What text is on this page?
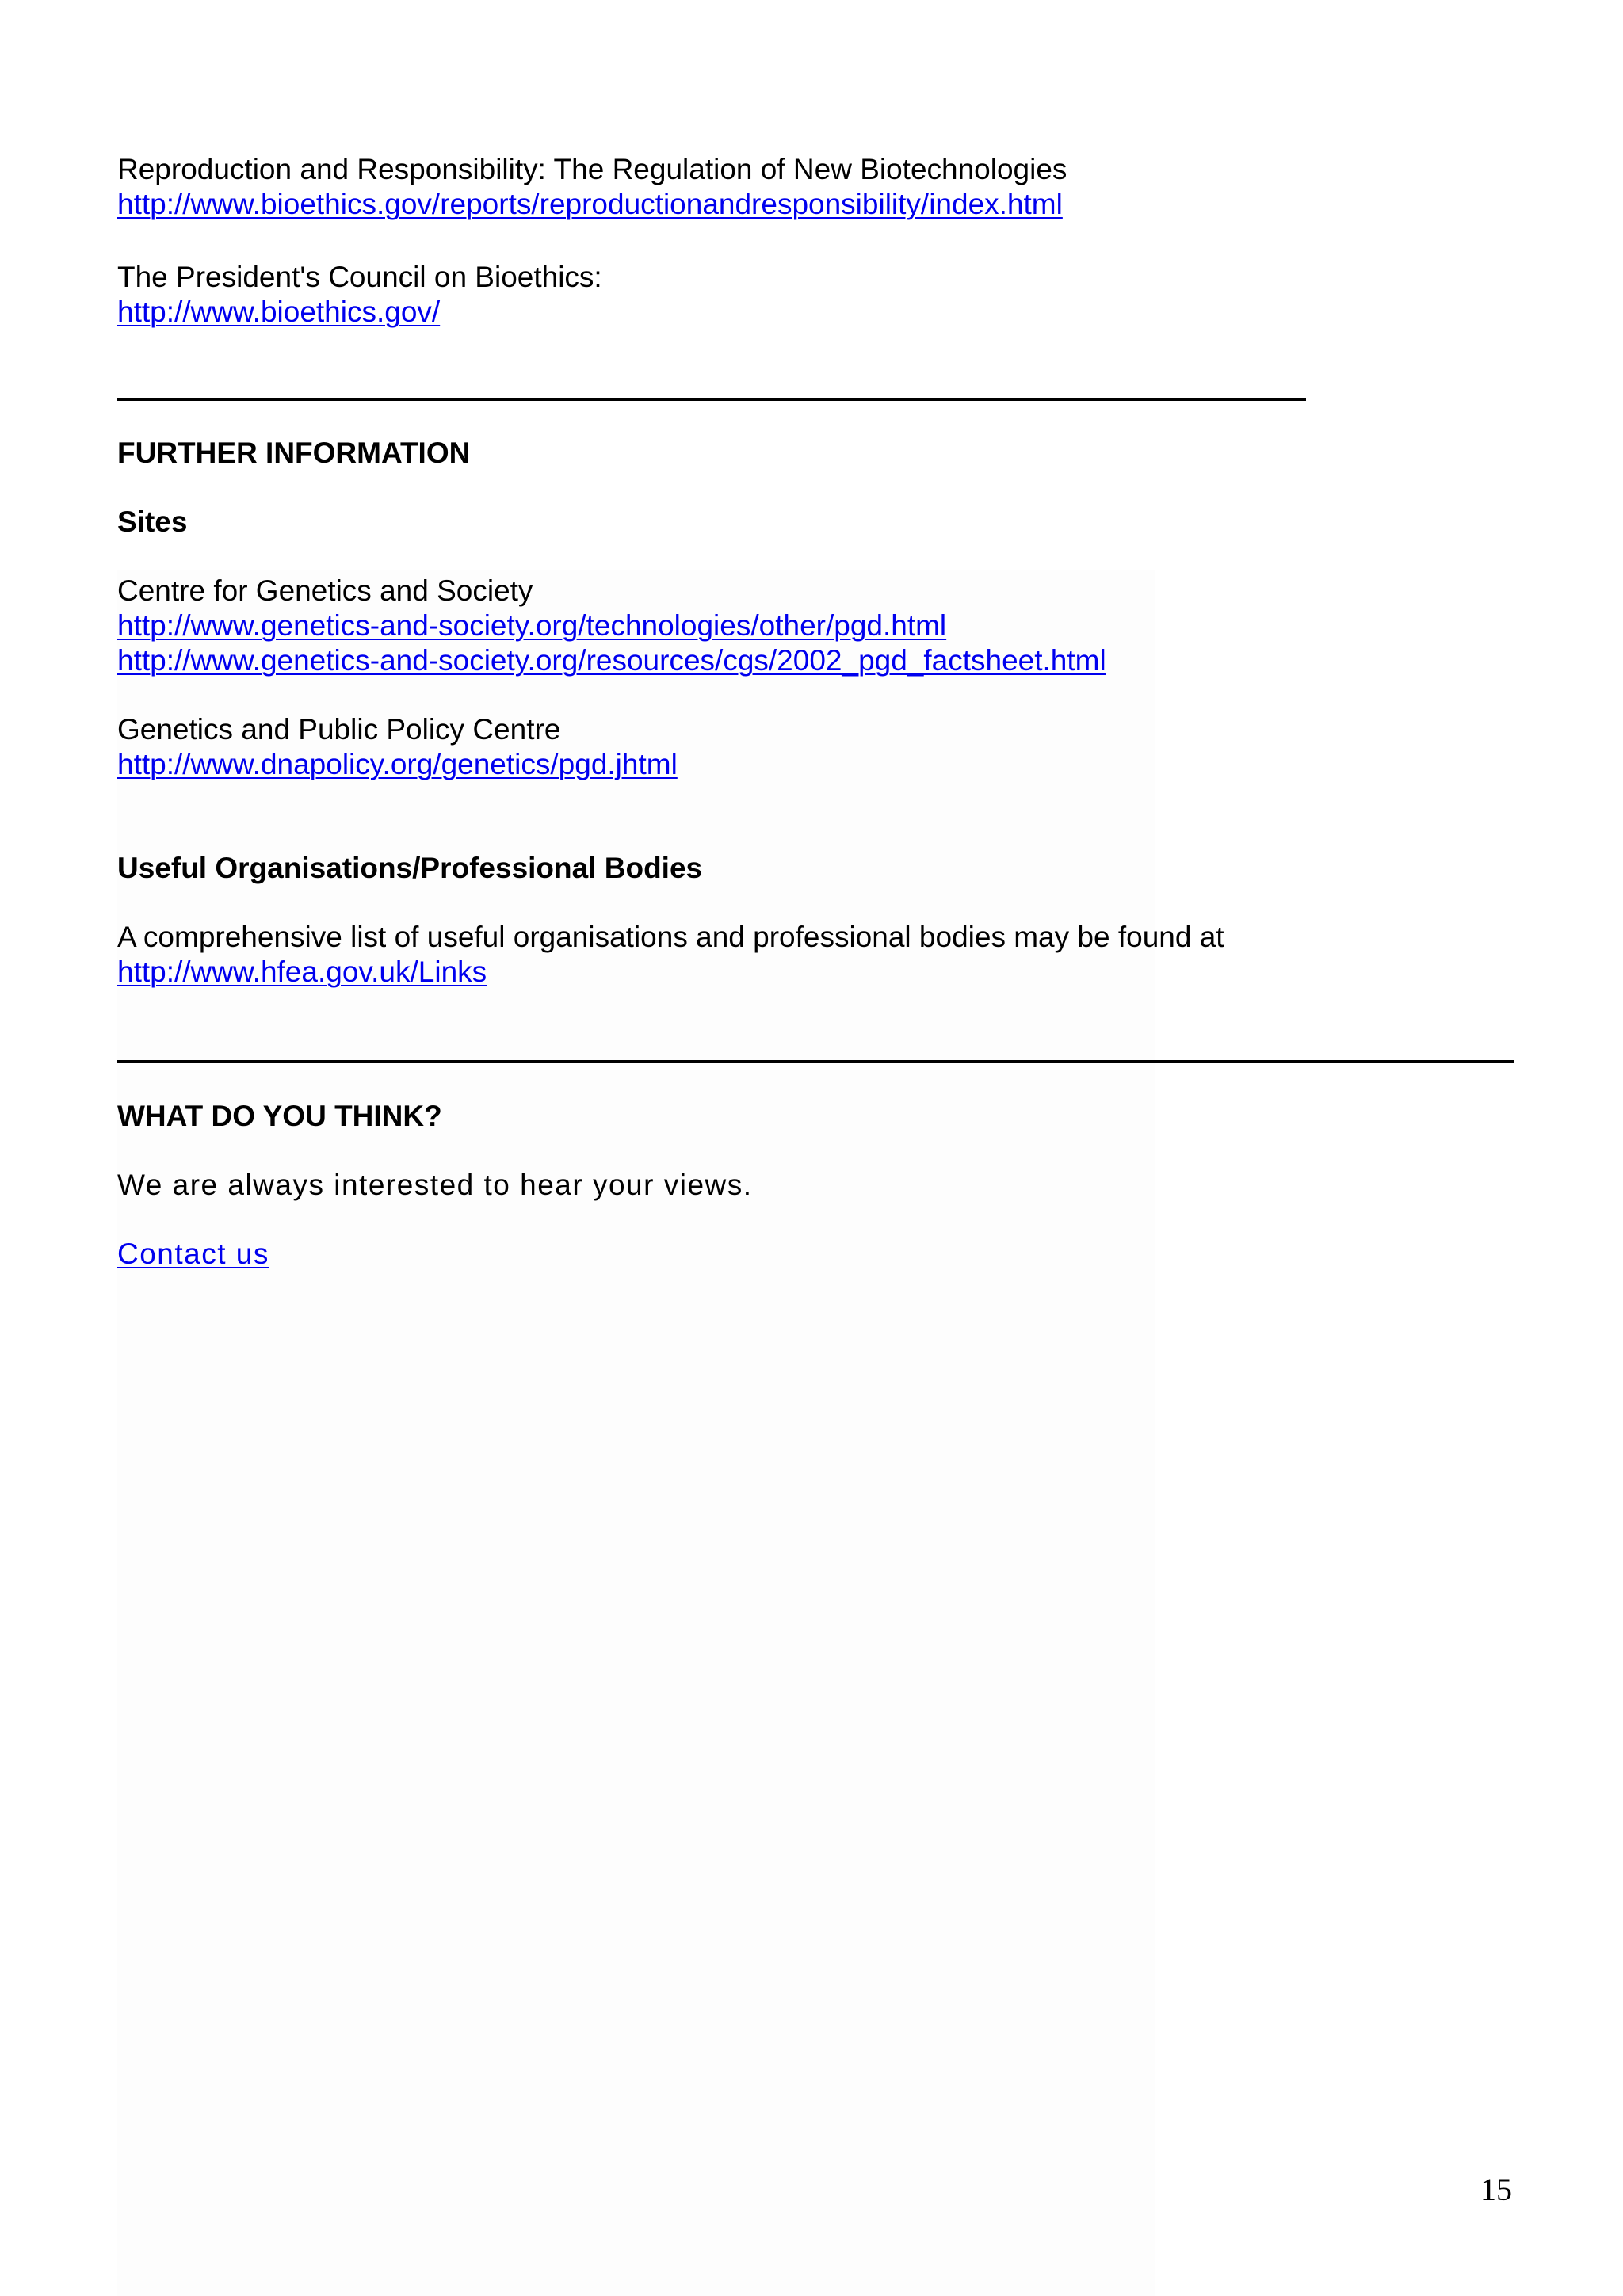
Reproduction and Responsibility: The Regulation of New Biotechnologies
http://www.bioethics.gov/reports/reproductionandresponsibility/index.html
The President's Council on Bioethics:
http://www.bioethics.gov/
FURTHER INFORMATION
Sites
Centre for Genetics and Society
http://www.genetics-and-society.org/technologies/other/pgd.html
http://www.genetics-and-society.org/resources/cgs/2002_pgd_factsheet.html
Genetics and Public Policy Centre
http://www.dnapolicy.org/genetics/pgd.jhtml
Useful Organisations/Professional Bodies
A comprehensive list of useful organisations and professional bodies may be found at
http://www.hfea.gov.uk/Links
WHAT DO YOU THINK?
We are always interested to hear your views.
Contact us
15
